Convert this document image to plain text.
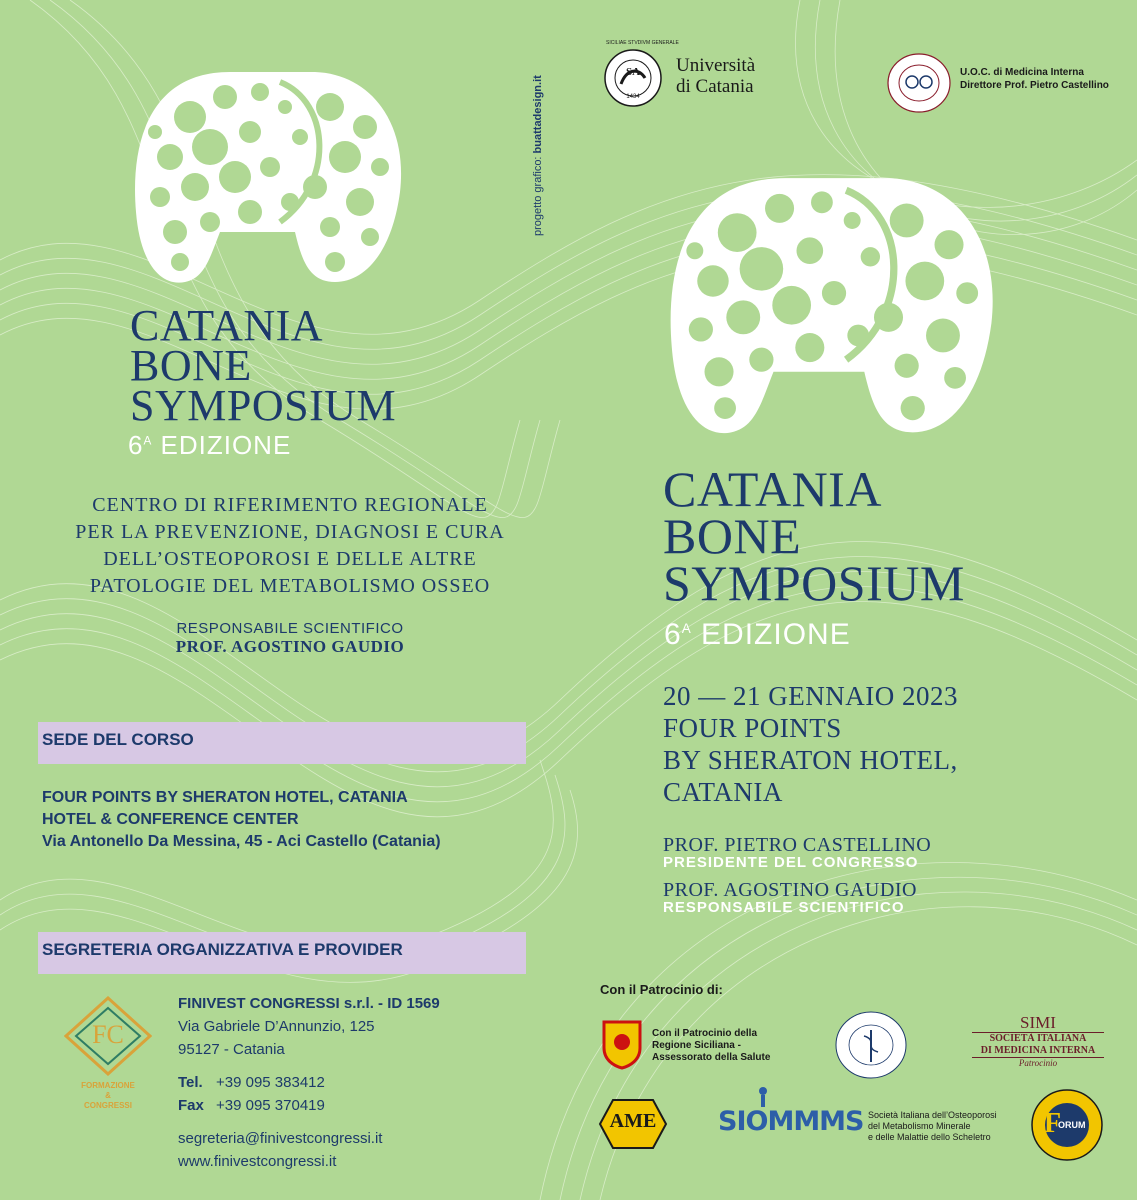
CATANIA
BONE
SYMPOSIUM
$6^A$ EDIZIONE
CENTRO DI RIFERIMENTO REGIONALE
PER LA PREVENZIONE, DIAGNOSI E CURA
DELL’OSTEOPOROSI E DELLE ALTRE
PATOLOGIE DEL METABOLISMO OSSEO
RESPONSABILE SCIENTIFICO
PROF. AGOSTINO GAUDIO
SEDE DEL CORSO
FOUR POINTS BY SHERATON HOTEL, CATANIA
HOTEL & CONFERENCE CENTER
Via Antonello Da Messina, 45 - Aci Castello (Catania)
SEGRETERIA ORGANIZZATIVA E PROVIDER
FC
FORMAZIONE
&
CONGRESSI
FINIVEST CONGRESSI s.r.l. - ID 1569
Via Gabriele D’Annunzio, 125
95127 - Catania
Tel. +39 095 383412
Fax +39 095 370419
segreteria@finivestcongressi.it
www.finivestcongressi.it
progetto grafico: buattadesign.it
SA
1434
SICILIAE STVDIVM GENERALE
Università
di Catania
U.O.C. di Medicina Interna
Direttore Prof. Pietro Castellino
CATANIA
BONE
SYMPOSIUM
$6^A$ EDIZIONE
20 — 21 GENNAIO 2023
FOUR POINTS
BY SHERATON HOTEL,
CATANIA
PROF. PIETRO CASTELLINO
PRESIDENTE DEL CONGRESSO
PROF. AGOSTINO GAUDIO
RESPONSABILE SCIENTIFICO
Con il Patrocinio di:
Con il Patrocinio della
Regione Siciliana -
Assessorato della Salute
SIMI
SOCIETÀ ITALIANA
DI MEDICINA INTERNA
Patrocinio
AME	SIOMMMS Società Italiana dell’Osteoporosi
del Metabolismo Minerale
e delle Malattie dello Scheletro F
ORUM
